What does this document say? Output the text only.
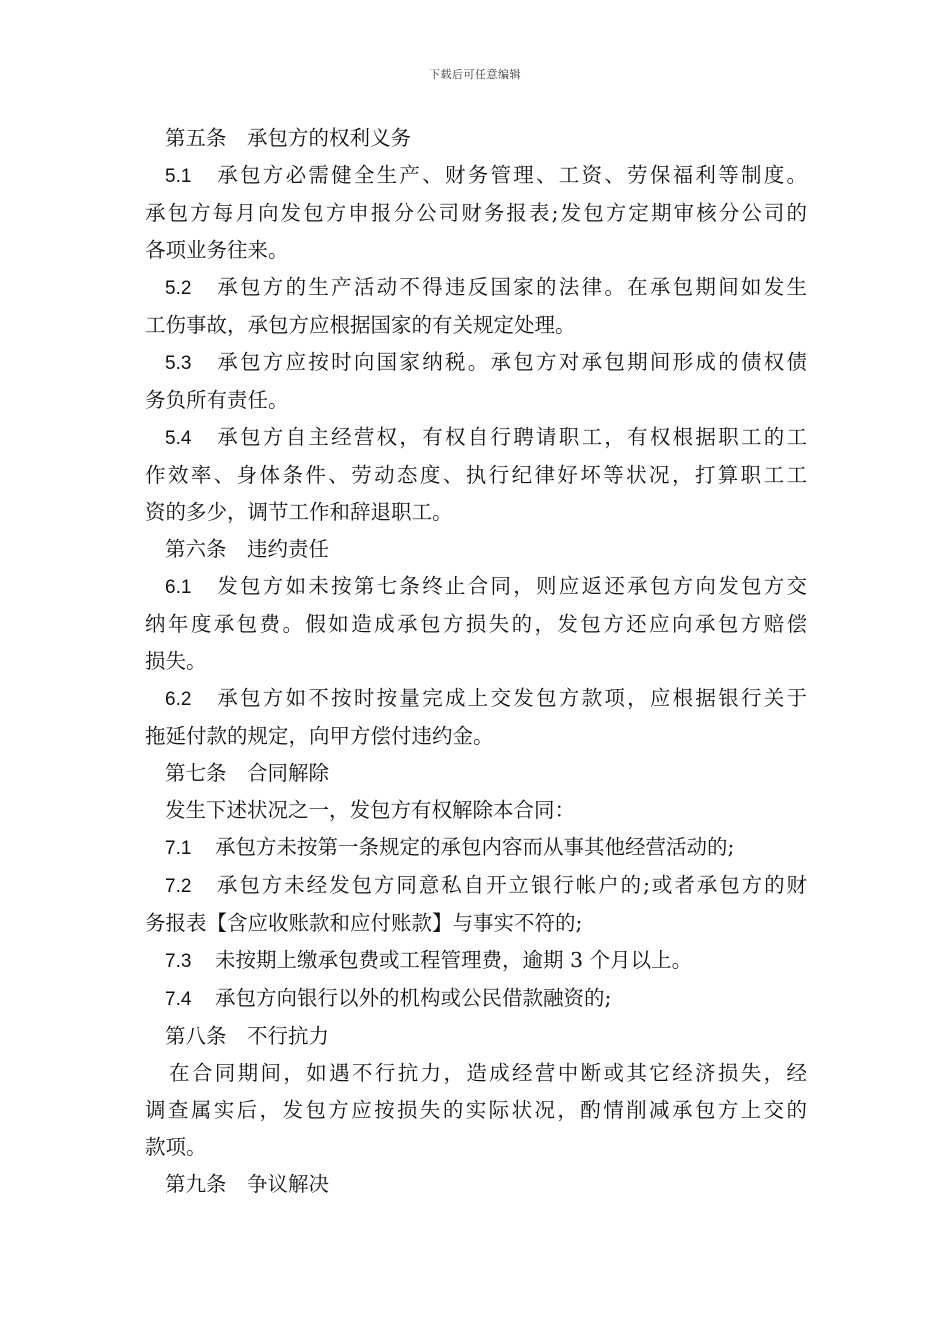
下载后可任意编辑
第五条　承包方的权利义务
5.1 承包方必需健全生产、财务管理、工资、劳保福利等制度。
承包方每月向发包方申报分公司财务报表;发包方定期审核分公司的
各项业务往来。
5.2 承包方的生产活动不得违反国家的法律。在承包期间如发生
工伤事故，承包方应根据国家的有关规定处理。
5.3 承包方应按时向国家纳税。承包方对承包期间形成的债权债
务负所有责任。
5.4 承包方自主经营权，有权自行聘请职工，有权根据职工的工
作效率、身体条件、劳动态度、执行纪律好坏等状况，打算职工工
资的多少，调节工作和辞退职工。
第六条　违约责任
6.1 发包方如未按第七条终止合同，则应返还承包方向发包方交
纳年度承包费。假如造成承包方损失的，发包方还应向承包方赔偿
损失。
6.2 承包方如不按时按量完成上交发包方款项，应根据银行关于
拖延付款的规定，向甲方偿付违约金。
第七条　合同解除
发生下述状况之一，发包方有权解除本合同：
7.1 承包方未按第一条规定的承包内容而从事其他经营活动的;
7.2 承包方未经发包方同意私自开立银行帐户的;或者承包方的财
务报表【含应收账款和应付账款】与事实不符的;
7.3 未按期上缴承包费或工程管理费，逾期 3 个月以上。
7.4 承包方向银行以外的机构或公民借款融资的;
第八条　不行抗力
在合同期间，如遇不行抗力，造成经营中断或其它经济损失，经
调查属实后，发包方应按损失的实际状况，酌情削减承包方上交的
款项。
第九条　争议解决
